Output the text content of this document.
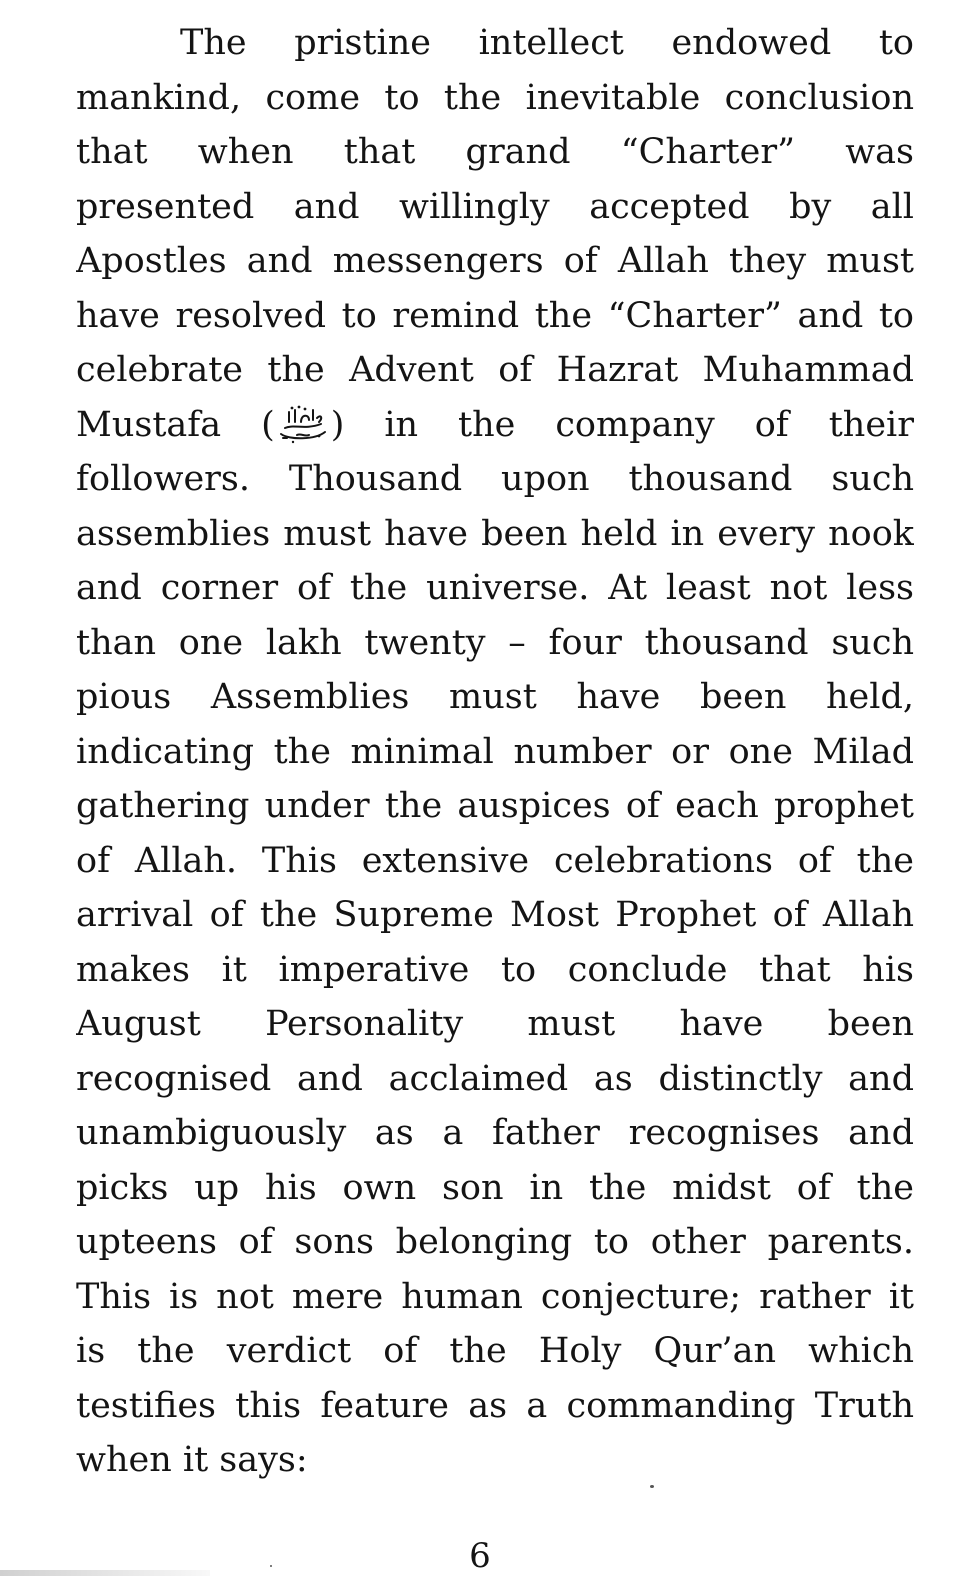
The pristine intellect endowed to
mankind, come to the inevitable conclusion
that when that grand “Charter” was
presented and willingly accepted by all
Apostles and messengers of Allah they must
have resolved to remind the “Charter” and to
celebrate the Advent of Hazrat Muhammad
Mustafa ( ) in the company of their
followers. Thousand upon thousand such
assemblies must have been held in every nook
and corner of the universe. At least not less
than one lakh twenty – four thousand such
pious Assemblies must have been held,
indicating the minimal number or one Milad
gathering under the auspices of each prophet
of Allah. This extensive celebrations of the
arrival of the Supreme Most Prophet of Allah
makes it imperative to conclude that his
August Personality must have been
recognised and acclaimed as distinctly and
unambiguously as a father recognises and
picks up his own son in the midst of the
upteens of sons belonging to other parents.
This is not mere human conjecture; rather it
is the verdict of the Holy Qur’an which
testifies this feature as a commanding Truth
when it says:
6
